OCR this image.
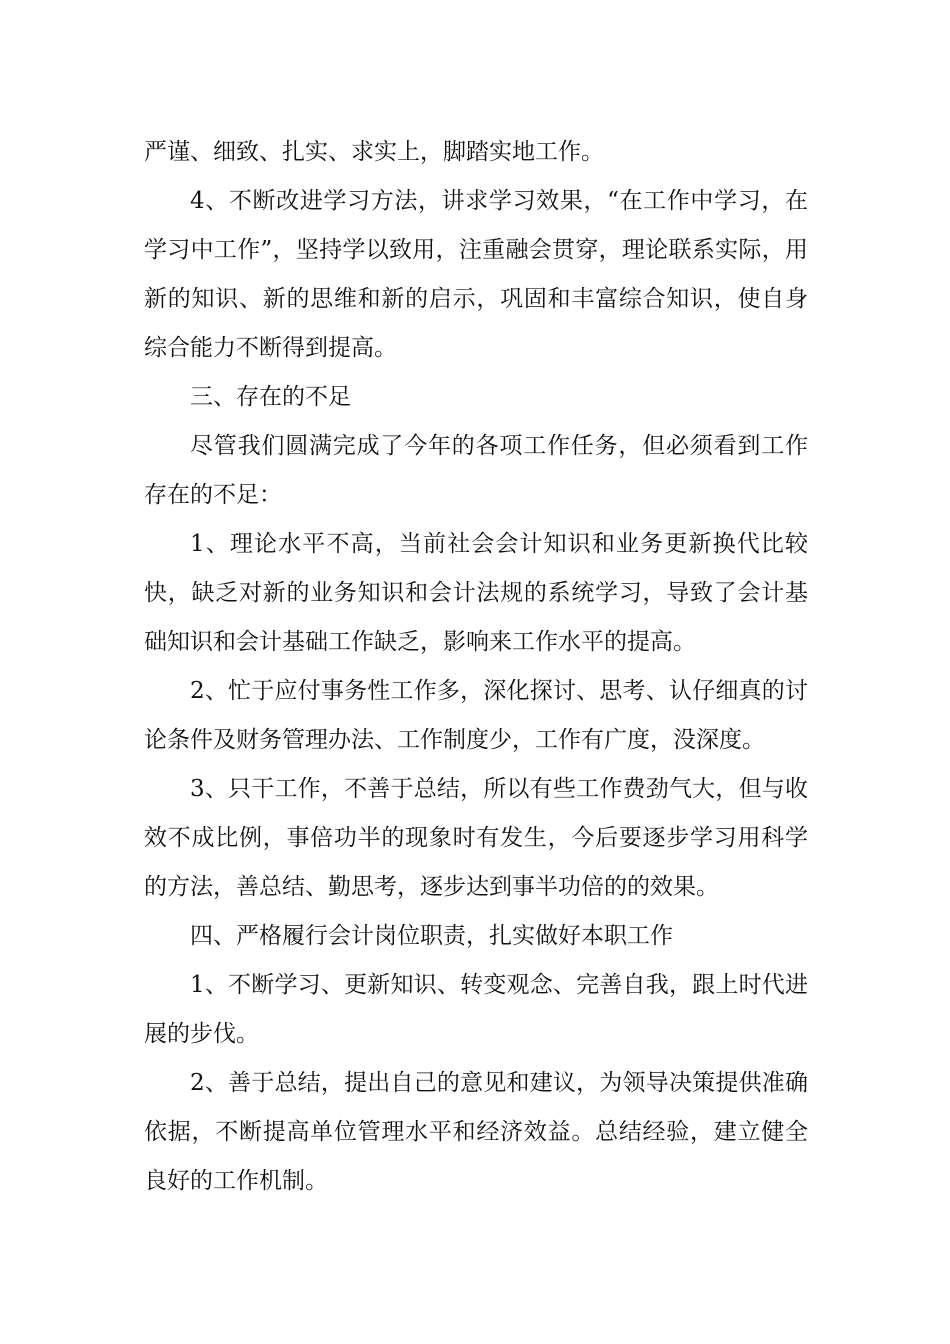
严谨、细致、扎实、求实上，脚踏实地工作。

4、不断改进学习方法，讲求学习效果，“在工作中学习，在学习中工作”，坚持学以致用，注重融会贯穿，理论联系实际，用新的知识、新的思维和新的启示，巩固和丰富综合知识，使自身综合能力不断得到提高。

三、存在的不足

尽管我们圆满完成了今年的各项工作任务，但必须看到工作存在的不足：

1、理论水平不高，当前社会会计知识和业务更新换代比较快，缺乏对新的业务知识和会计法规的系统学习，导致了会计基础知识和会计基础工作缺乏，影响来工作水平的提高。

2、忙于应付事务性工作多，深化探讨、思考、认仔细真的讨论条件及财务管理办法、工作制度少，工作有广度，没深度。

3、只干工作，不善于总结，所以有些工作费劲气大，但与收效不成比例，事倍功半的现象时有发生，今后要逐步学习用科学的方法，善总结、勤思考，逐步达到事半功倍的的效果。

四、严格履行会计岗位职责，扎实做好本职工作

1、不断学习、更新知识、转变观念、完善自我，跟上时代进展的步伐。

2、善于总结，提出自己的意见和建议，为领导决策提供准确依据，不断提高单位管理水平和经济效益。总结经验，建立健全良好的工作机制。
